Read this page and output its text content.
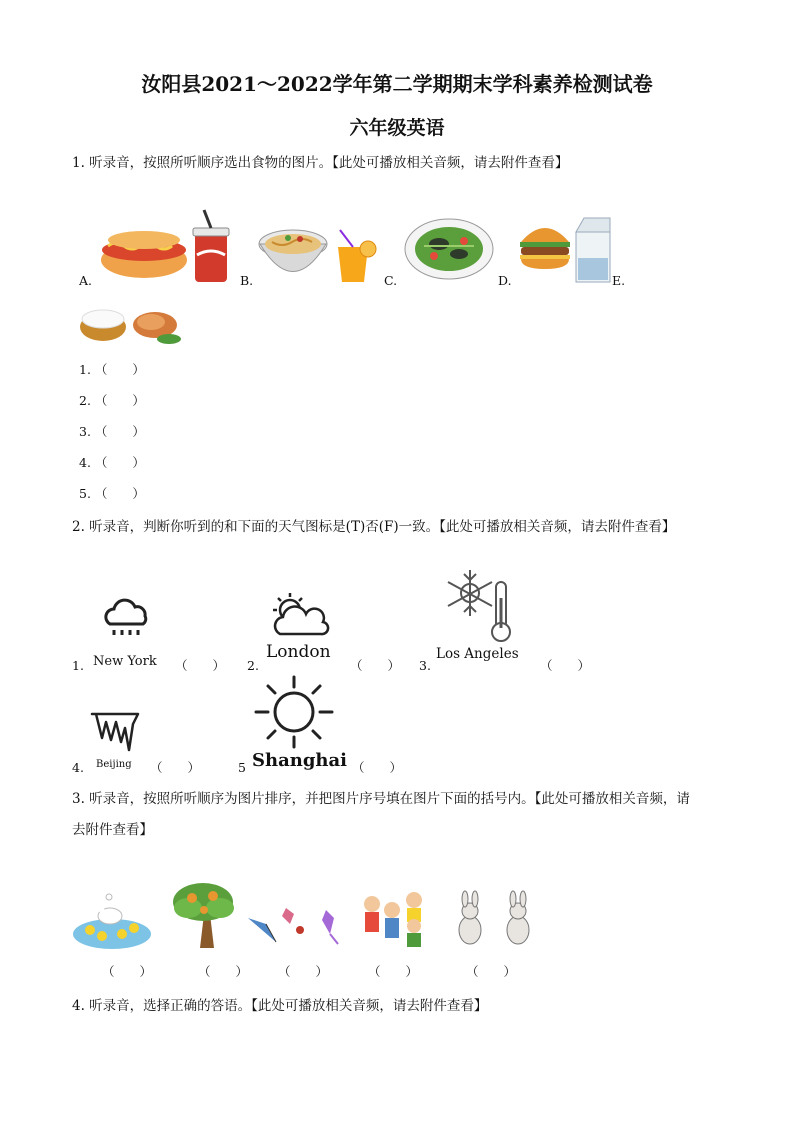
汝阳县2021～2022学年第二学期期末学科素养检测试卷
六年级英语
1. 听录音，按照所听顺序选出食物的图片。【此处可播放相关音频，请去附件查看】
A.	B.	C.	D.	E.
1. （　　）
2. （　　）
3. （　　）
4. （　　）
5. （　　）
2. 听录音，判断你听到的和下面的天气图标是(T)否(F)一致。【此处可播放相关音频，请去附件查看】
1. New York （　　） 2.
London
（　　） 3.
Los Angeles
（　　）
4. Beijing （　　）	5 Shanghai （　　）
3. 听录音，按照所听顺序为图片排序，并把图片序号填在图片下面的括号内。【此处可播放相关音频，请
去附件查看】
（　　）	（　　） （　　）	（　　）	（　　）
4. 听录音，选择正确的答语。【此处可播放相关音频，请去附件查看】
